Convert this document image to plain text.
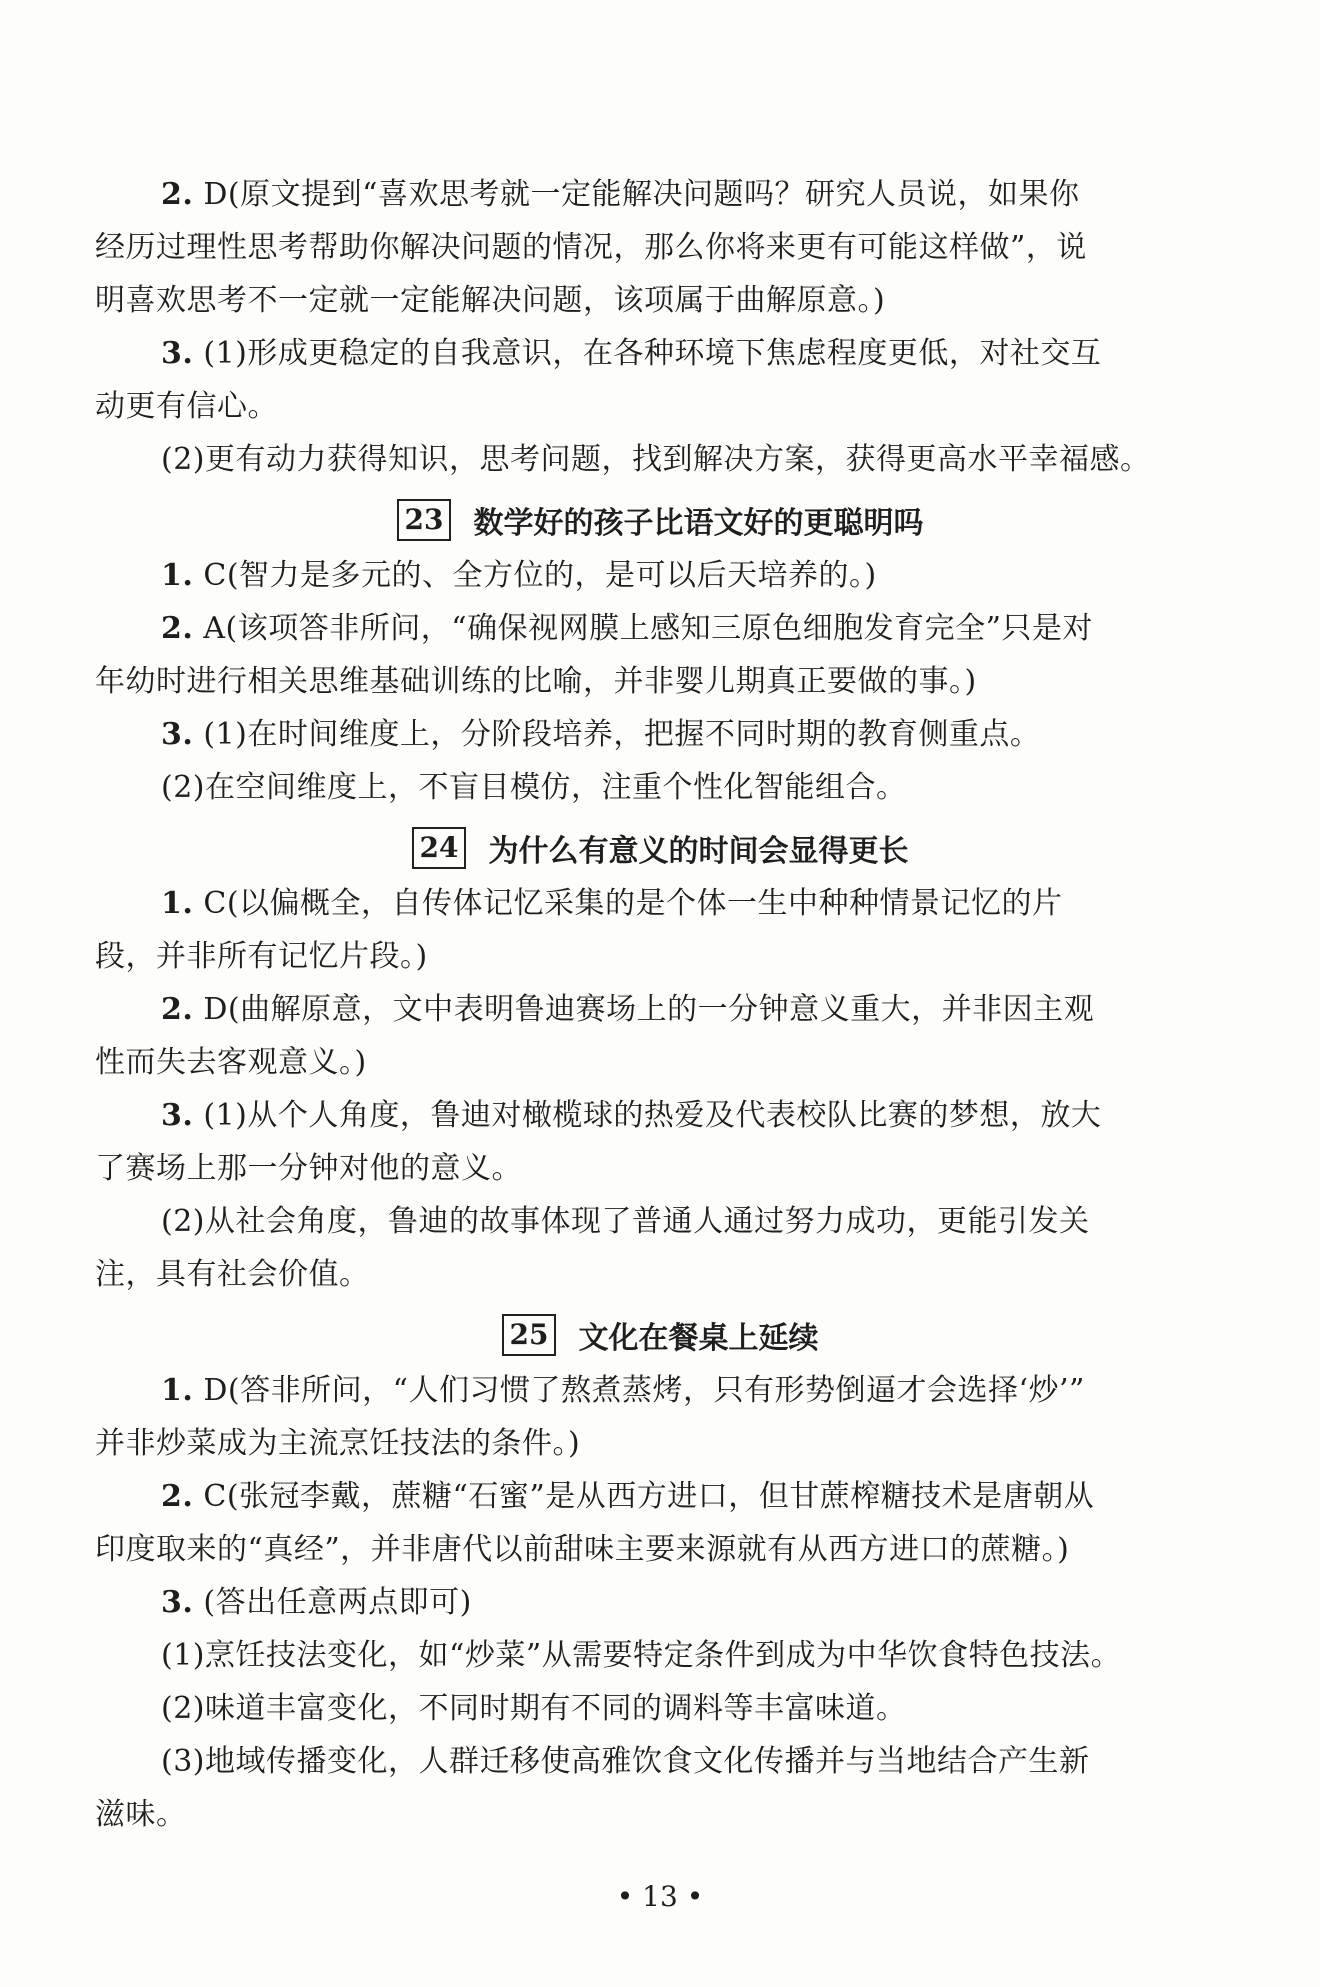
2. D(原文提到“喜欢思考就一定能解决问题吗？研究人员说，如果你
经历过理性思考帮助你解决问题的情况，那么你将来更有可能这样做”，说
明喜欢思考不一定就一定能解决问题，该项属于曲解原意。)
3. (1)形成更稳定的自我意识，在各种环境下焦虑程度更低，对社交互
动更有信心。
(2)更有动力获得知识，思考问题，找到解决方案，获得更高水平幸福感。
23 数学好的孩子比语文好的更聪明吗
1. C(智力是多元的、全方位的，是可以后天培养的。)
2. A(该项答非所问，“确保视网膜上感知三原色细胞发育完全”只是对
年幼时进行相关思维基础训练的比喻，并非婴儿期真正要做的事。)
3. (1)在时间维度上，分阶段培养，把握不同时期的教育侧重点。
(2)在空间维度上，不盲目模仿，注重个性化智能组合。
24 为什么有意义的时间会显得更长
1. C(以偏概全，自传体记忆采集的是个体一生中种种情景记忆的片
段，并非所有记忆片段。)
2. D(曲解原意，文中表明鲁迪赛场上的一分钟意义重大，并非因主观
性而失去客观意义。)
3. (1)从个人角度，鲁迪对橄榄球的热爱及代表校队比赛的梦想，放大
了赛场上那一分钟对他的意义。
(2)从社会角度，鲁迪的故事体现了普通人通过努力成功，更能引发关
注，具有社会价值。
25 文化在餐桌上延续
1. D(答非所问，“人们习惯了熬煮蒸烤，只有形势倒逼才会选择‘炒’”
并非炒菜成为主流烹饪技法的条件。)
2. C(张冠李戴，蔗糖“石蜜”是从西方进口，但甘蔗榨糖技术是唐朝从
印度取来的“真经”，并非唐代以前甜味主要来源就有从西方进口的蔗糖。)
3. (答出任意两点即可)
(1)烹饪技法变化，如“炒菜”从需要特定条件到成为中华饮食特色技法。
(2)味道丰富变化，不同时期有不同的调料等丰富味道。
(3)地域传播变化，人群迁移使高雅饮食文化传播并与当地结合产生新
滋味。
• 13 •
